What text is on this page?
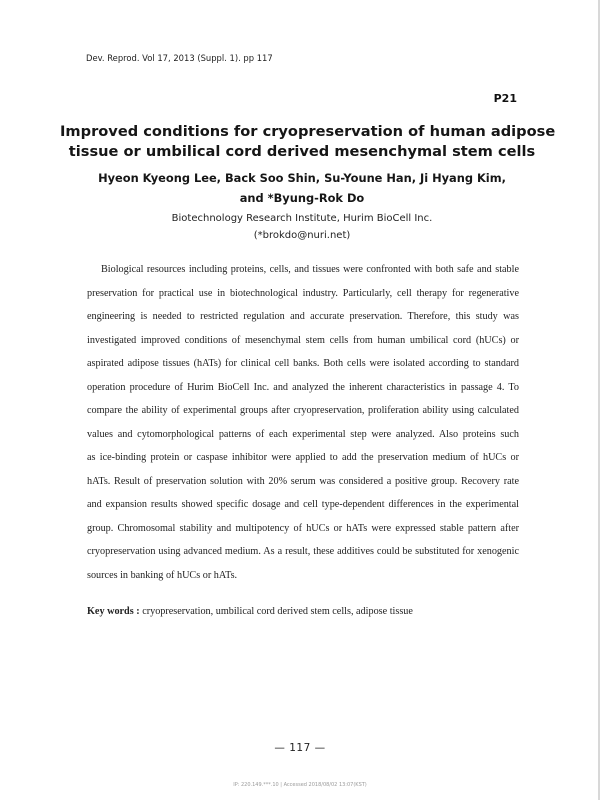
Dev. Reprod. Vol 17, 2013 (Suppl. 1). pp 117
P21
Improved conditions for cryopreservation of human adipose
tissue or umbilical cord derived mesenchymal stem cells
Hyeon Kyeong Lee, Back Soo Shin, Su-Youne Han, Ji Hyang Kim,
and *Byung-Rok Do
Biotechnology Research Institute, Hurim BioCell Inc.
(*brokdo@nuri.net)
Biological resources including proteins, cells, and tissues were confronted with both safe and stable
preservation for practical use in biotechnological industry. Particularly, cell therapy for regenerative
engineering is needed to restricted regulation and accurate preservation. Therefore, this study was
investigated improved conditions of mesenchymal stem cells from human umbilical cord (hUCs) or
aspirated adipose tissues (hATs) for clinical cell banks. Both cells were isolated according to standard
operation procedure of Hurim BioCell Inc. and analyzed the inherent characteristics in passage 4. To
compare the ability of experimental groups after cryopreservation, proliferation ability using calculated
values and cytomorphological patterns of each experimental step were analyzed. Also proteins such
as ice-binding protein or caspase inhibitor were applied to add the preservation medium of hUCs or
hATs. Result of preservation solution with 20% serum was considered a positive group. Recovery rate
and expansion results showed specific dosage and cell type-dependent differences in the experimental
group. Chromosomal stability and multipotency of hUCs or hATs were expressed stable pattern after
cryopreservation using advanced medium. As a result, these additives could be substituted for xenogenic
sources in banking of hUCs or hATs.
Key words : cryopreservation, umbilical cord derived stem cells, adipose tissue
— 117 —
IP: 220.149.***.10 | Accessed 2018/08/02 13:07(KST)
